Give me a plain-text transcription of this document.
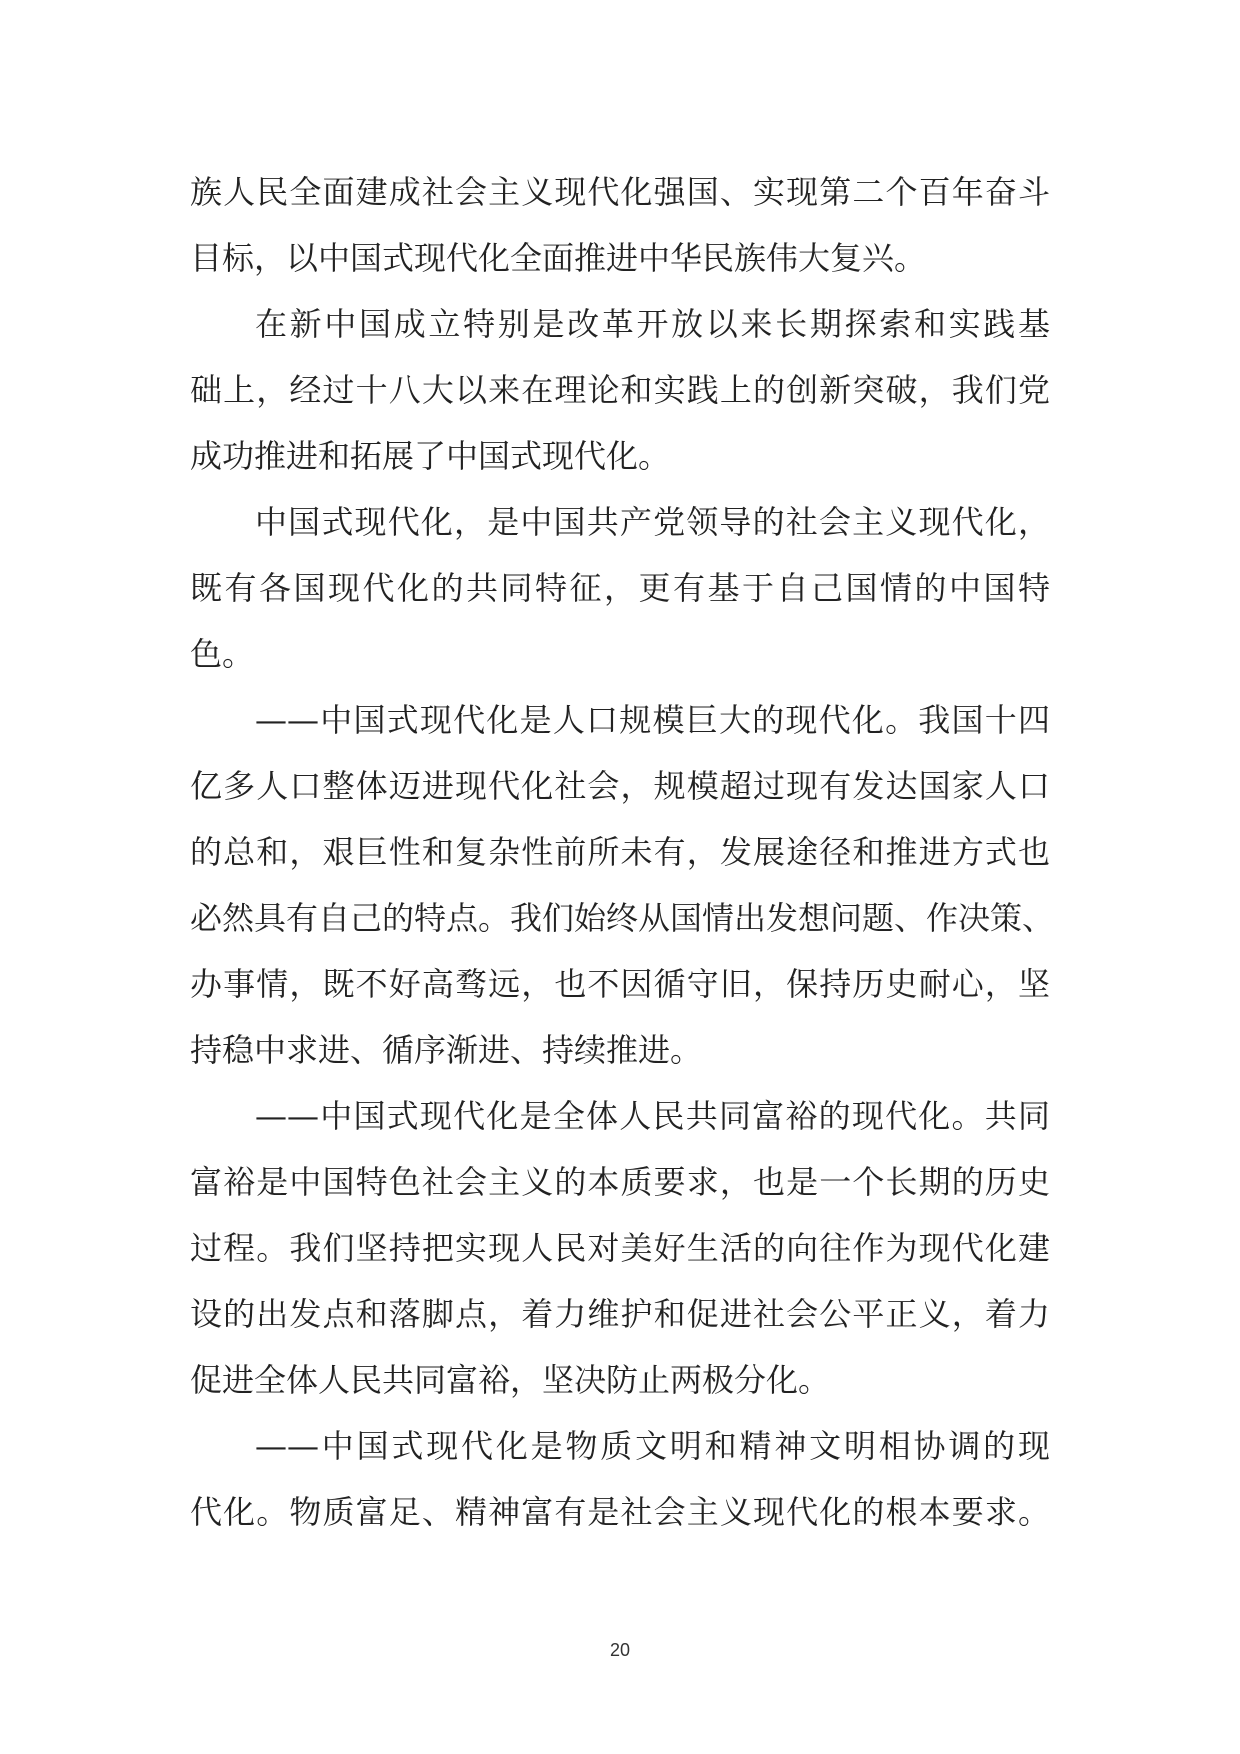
族人民全面建成社会主义现代化强国、实现第二个百年奋斗
目标，以中国式现代化全面推进中华民族伟大复兴。
在新中国成立特别是改革开放以来长期探索和实践基
础上，经过十八大以来在理论和实践上的创新突破，我们党
成功推进和拓展了中国式现代化。
中国式现代化，是中国共产党领导的社会主义现代化，
既有各国现代化的共同特征，更有基于自己国情的中国特
色。
——中国式现代化是人口规模巨大的现代化。我国十四
亿多人口整体迈进现代化社会，规模超过现有发达国家人口
的总和，艰巨性和复杂性前所未有，发展途径和推进方式也
必然具有自己的特点。我们始终从国情出发想问题、作决策、
办事情，既不好高骛远，也不因循守旧，保持历史耐心，坚
持稳中求进、循序渐进、持续推进。
——中国式现代化是全体人民共同富裕的现代化。共同
富裕是中国特色社会主义的本质要求，也是一个长期的历史
过程。我们坚持把实现人民对美好生活的向往作为现代化建
设的出发点和落脚点，着力维护和促进社会公平正义，着力
促进全体人民共同富裕，坚决防止两极分化。
——中国式现代化是物质文明和精神文明相协调的现
代化。物质富足、精神富有是社会主义现代化的根本要求。
20
